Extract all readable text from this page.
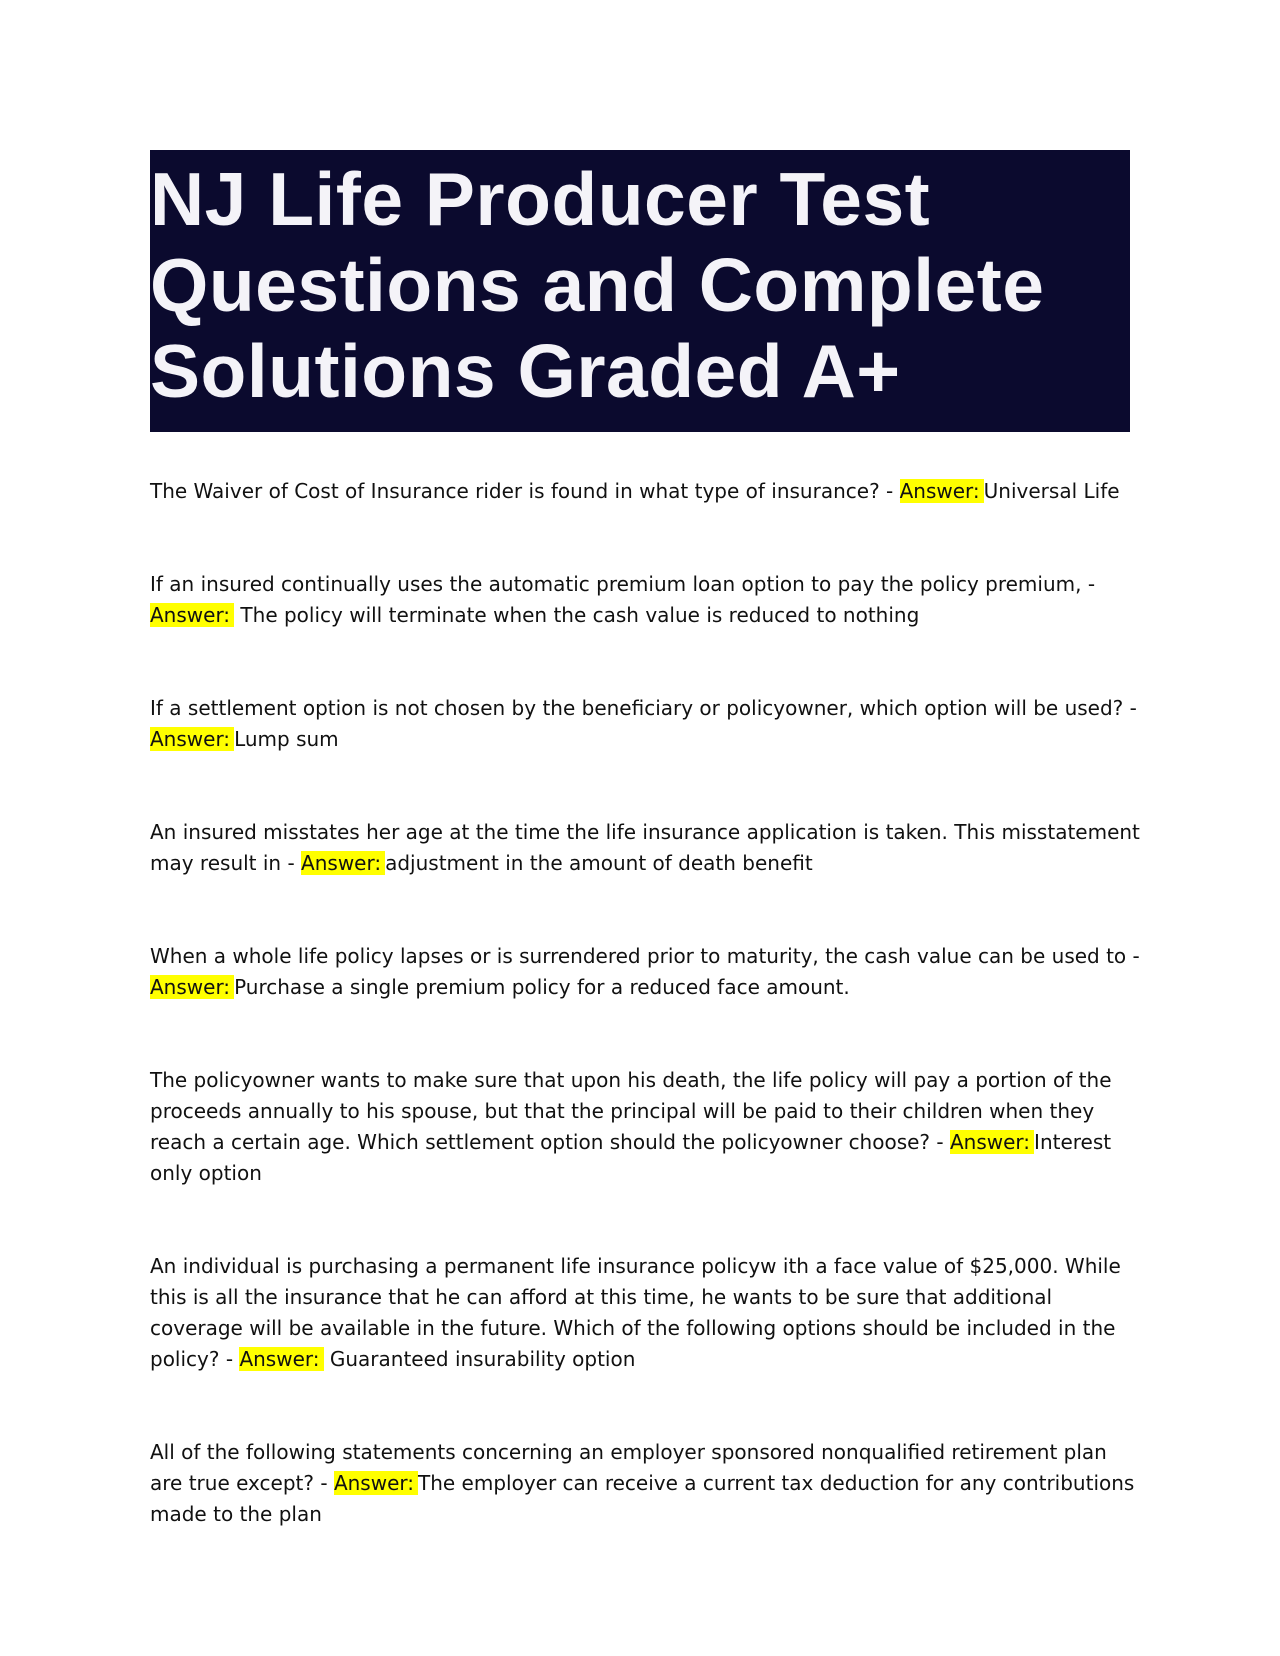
NJ Life Producer Test
Questions and Complete
Solutions Graded A+

The Waiver of Cost of Insurance rider is found in what type of insurance? - Answer: Universal Life

If an insured continually uses the automatic premium loan option to pay the policy premium, - Answer: The policy will terminate when the cash value is reduced to nothing

If a settlement option is not chosen by the beneficiary or policyowner, which option will be used? - Answer: Lump sum

An insured misstates her age at the time the life insurance application is taken. This misstatement may result in - Answer: adjustment in the amount of death benefit

When a whole life policy lapses or is surrendered prior to maturity, the cash value can be used to - Answer: Purchase a single premium policy for a reduced face amount.

The policyowner wants to make sure that upon his death, the life policy will pay a portion of the proceeds annually to his spouse, but that the principal will be paid to their children when they reach a certain age. Which settlement option should the policyowner choose? - Answer: Interest only option

An individual is purchasing a permanent life insurance policyw ith a face value of $25,000. While this is all the insurance that he can afford at this time, he wants to be sure that additional coverage will be available in the future. Which of the following options should be included in the policy? - Answer: Guaranteed insurability option

All of the following statements concerning an employer sponsored nonqualified retirement plan are true except? - Answer: The employer can receive a current tax deduction for any contributions made to the plan
